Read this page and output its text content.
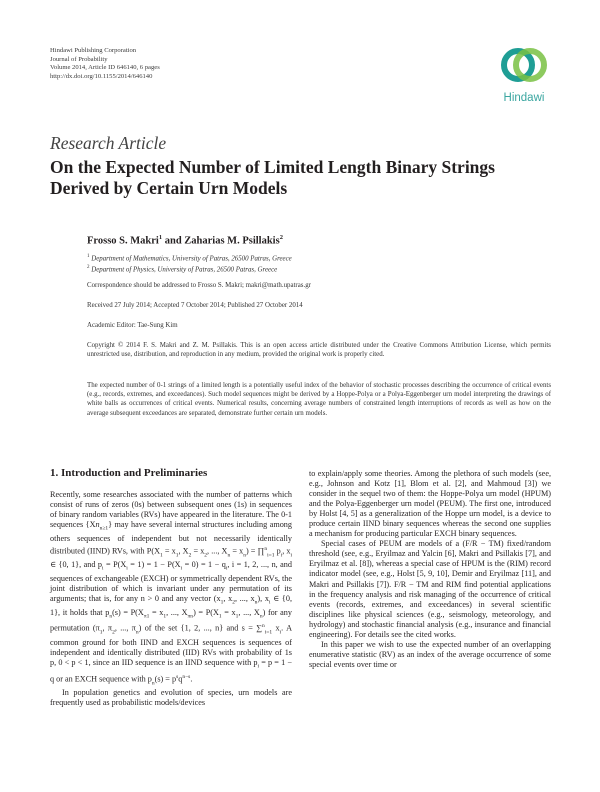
Hindawi Publishing Corporation
Journal of Probability
Volume 2014, Article ID 646140, 6 pages
http://dx.doi.org/10.1155/2014/646140
Hindawi
Research Article
On the Expected Number of Limited Length Binary Strings Derived by Certain Urn Models
Frosso S. Makri$^1$ and Zaharias M. Psillakis$^2$
$^1$ Department of Mathematics, University of Patras, 26500 Patras, Greece
$^2$ Department of Physics, University of Patras, 26500 Patras, Greece
Correspondence should be addressed to Frosso S. Makri; makri@math.upatras.gr
Received 27 July 2014; Accepted 7 October 2014; Published 27 October 2014
Academic Editor: Tae-Sung Kim
Copyright © 2014 F. S. Makri and Z. M. Psillakis. This is an open access article distributed under the Creative Commons Attribution License, which permits unrestricted use, distribution, and reproduction in any medium, provided the original work is properly cited.
The expected number of 0-1 strings of a limited length is a potentially useful index of the behavior of stochastic processes describing the occurrence of critical events (e.g., records, extremes, and exceedances). Such model sequences might be derived by a Hoppe-Polya or a Polya-Eggenberger urn model interpreting the drawings of white balls as occurrences of critical events. Numerical results, concerning average numbers of constrained length interruptions of records as well as how on the average subsequent exceedances are separated, demonstrate further certain urn models.
1. Introduction and Preliminaries

Recently, some researches associated with the number of patterns which consist of runs of zeros (0s) between subsequent ones (1s) in sequences of binary random variables (RVs) have appeared in the literature. The 0-1 sequences $\{Xn_{n\ge 1}\}$ may have several internal structures including among others sequences of independent but not necessarily identically distributed (IIND) RVs, with $P(X_1 = x_1$, $X_2 = x_2$, ..., $X_n = x_n$) = ∏$^n_{i=1}$ $p_i$, $x_i$ ∈ {0, 1}, and $p_i = P(X_i = 1) = 1 - P(X_i = 0) = 1 - q_i$, i = 1, 2, ..., n, and sequences of exchangeable (EXCH) or symmetrically dependent RVs, the joint distribution of which is invariant under any permutation of its arguments; that is, for any n > 0 and any vector ($x_1$, $x_2$, ..., $x_n$), $x_i$ ∈ {0, 1}, it holds that $p_n(s) = P(X_{\pi 1} = x_1$, ..., $X_{\pi n}) = P(X_1 = x_1$, ..., $X_n$) for any permutation ($\pi_1$, $\pi_2$, ..., $\pi_n$) of the set {1, 2, ..., n} and s = ∑$^n_{i=1}$ $x_i$. A common ground for both IIND and EXCH sequences is sequences of independent and identically distributed (IID) RVs with probability of 1s p, 0 < p < 1, since an IID sequence is an IIND sequence with $p_i = p = 1 - q$ or an EXCH sequence with $p_n(s) = p^sq^{n-s}$.

In population genetics and evolution of species, urn models are frequently used as probabilistic models/devices

to explain/apply some theories. Among the plethora of such models (see, e.g., Johnson and Kotz [1], Blom et al. [2], and Mahmoud [3]) we consider in the sequel two of them: the Hoppe-Polya urn model (HPUM) and the Polya-Eggenberger urn model (PEUM). The first one, introduced by Holst [4, 5] as a generalization of the Hoppe urn model, is a device to produce certain IIND binary sequences whereas the second one supplies a mechanism for producing particular EXCH binary sequences.

Special cases of PEUM are models of a (F/R − TM) fixed/random threshold (see, e.g., Eryilmaz and Yalcin [6], Makri and Psillakis [7], and Eryilmaz et al. [8]), whereas a special case of HPUM is the (RIM) record indicator model (see, e.g., Holst [5, 9, 10], Demir and Eryilmaz [11], and Makri and Psillakis [7]). F/R − TM and RIM find potential applications in the frequency analysis and risk managing of the occurrence of critical events (records, extremes, and exceedances) in several scientific disciplines like physical sciences (e.g., seismology, meteorology, and hydrology) and stochastic financial analysis (e.g., insurance and financial engineering). For details see the cited works.

In this paper we wish to use the expected number of an overlapping enumerative statistic (RV) as an index of the average occurrence of some special events over time or
